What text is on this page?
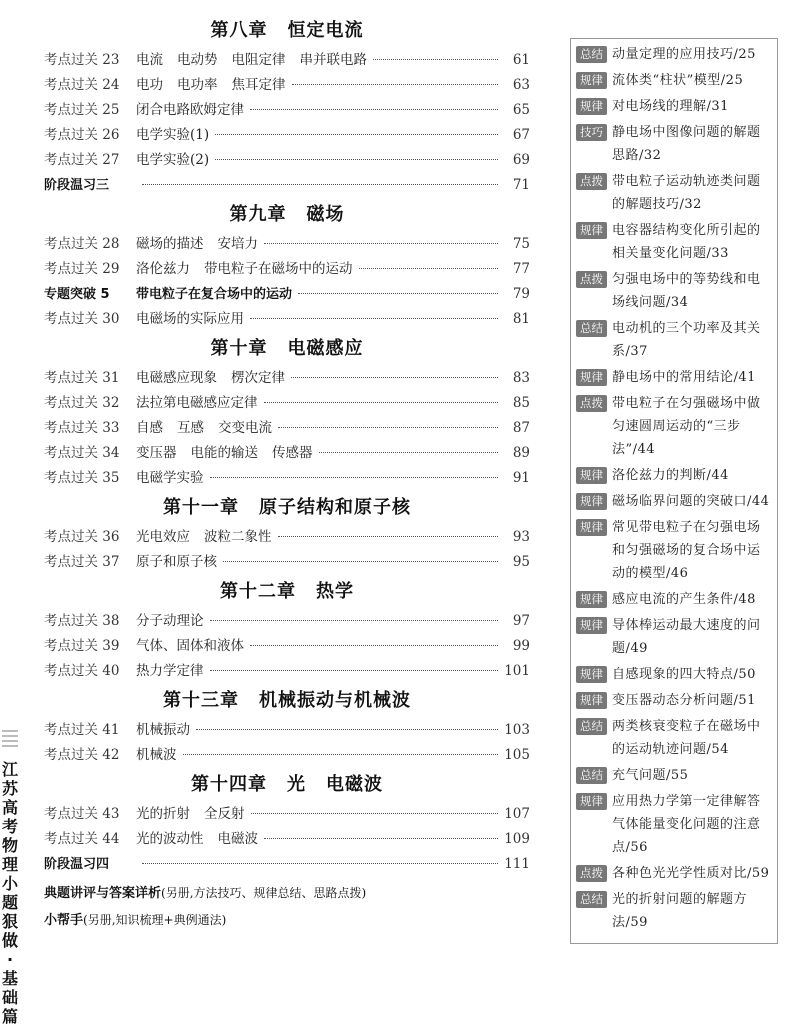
江苏高考物理 小题狠做·基础篇
第八章 恒定电流
考点过关 23	电流 电动势 电阻定律 串并联电路	61
考点过关 24	电功 电功率 焦耳定律	63
考点过关 25	闭合电路欧姆定律	65
考点过关 26	电学实验(1)	67
考点过关 27	电学实验(2)	69
阶段温习三	71
第九章 磁场
考点过关 28	磁场的描述 安培力	75
考点过关 29	洛伦兹力 带电粒子在磁场中的运动	77
专题突破 5	带电粒子在复合场中的运动	79
考点过关 30	电磁场的实际应用	81
第十章 电磁感应
考点过关 31	电磁感应现象 楞次定律	83
考点过关 32	法拉第电磁感应定律	85
考点过关 33	自感 互感 交变电流	87
考点过关 34	变压器 电能的输送 传感器	89
考点过关 35	电磁学实验	91
第十一章 原子结构和原子核
考点过关 36	光电效应 波粒二象性	93
考点过关 37	原子和原子核	95
第十二章 热学
考点过关 38	分子动理论	97
考点过关 39	气体、固体和液体	99
考点过关 40	热力学定律	101
第十三章 机械振动与机械波
考点过关 41	机械振动	103
考点过关 42	机械波	105
第十四章 光 电磁波
考点过关 43	光的折射 全反射	107
考点过关 44	光的波动性 电磁波	109
阶段温习四	111
典题讲评与答案详析(另册,方法技巧、规律总结、思路点拨)
小帮手(另册,知识梳理+典例通法)
总结 动量定理的应用技巧/25
规律 流体类“柱状”模型/25
规律 对电场线的理解/31
技巧 静电场中图像问题的解题思路/32
点拨 带电粒子运动轨迹类问题的解题技巧/32
规律 电容器结构变化所引起的相关量变化问题/33
点拨 匀强电场中的等势线和电场线问题/34
总结 电动机的三个功率及其关系/37
规律 静电场中的常用结论/41
点拨 带电粒子在匀强磁场中做匀速圆周运动的“三步法”/44
规律 洛伦兹力的判断/44
规律 磁场临界问题的突破口/44
规律 常见带电粒子在匀强电场和匀强磁场的复合场中运动的模型/46
规律 感应电流的产生条件/48
规律 导体棒运动最大速度的问题/49
规律 自感现象的四大特点/50
规律 变压器动态分析问题/51
总结 两类核衰变粒子在磁场中的运动轨迹问题/54
总结 充气问题/55
规律 应用热力学第一定律解答气体能量变化问题的注意点/56
点拨 各种色光光学性质对比/59
总结 光的折射问题的解题方法/59
